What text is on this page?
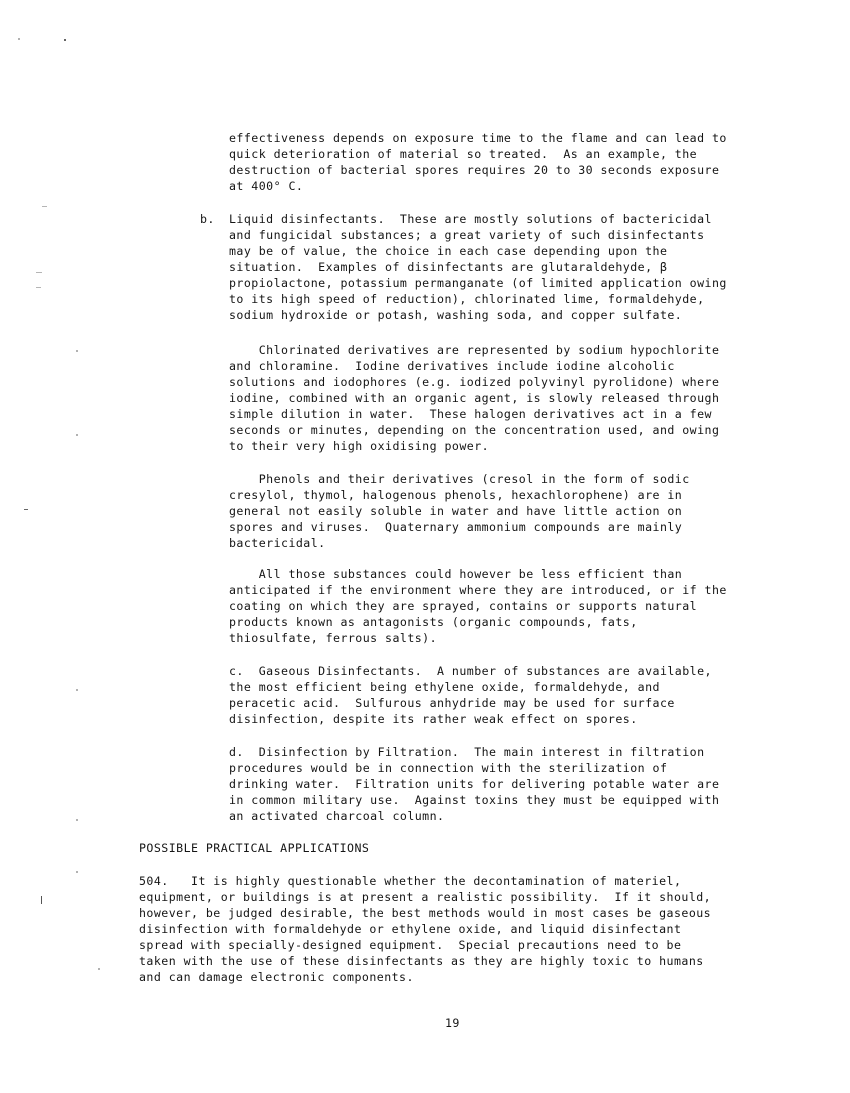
effectiveness depends on exposure time to the flame and can lead to
quick deterioration of material so treated.  As an example, the
destruction of bacterial spores requires 20 to 30 seconds exposure
at 400° C.
b. Liquid disinfectants.  These are mostly solutions of bactericidal
and fungicidal substances; a great variety of such disinfectants
may be of value, the choice in each case depending upon the
situation.  Examples of disinfectants are glutaraldehyde, β
propiolactone, potassium permanganate (of limited application owing
to its high speed of reduction), chlorinated lime, formaldehyde,
sodium hydroxide or potash, washing soda, and copper sulfate.
Chlorinated derivatives are represented by sodium hypochlorite
and chloramine.  Iodine derivatives include iodine alcoholic
solutions and iodophores (e.g. iodized polyvinyl pyrolidone) where
iodine, combined with an organic agent, is slowly released through
simple dilution in water.  These halogen derivatives act in a few
seconds or minutes, depending on the concentration used, and owing
to their very high oxidising power.
Phenols and their derivatives (cresol in the form of sodic
cresylol, thymol, halogenous phenols, hexachlorophene) are in
general not easily soluble in water and have little action on
spores and viruses.  Quaternary ammonium compounds are mainly
bactericidal.
All those substances could however be less efficient than
anticipated if the environment where they are introduced, or if the
coating on which they are sprayed, contains or supports natural
products known as antagonists (organic compounds, fats,
thiosulfate, ferrous salts).
c.  Gaseous Disinfectants.  A number of substances are available,
the most efficient being ethylene oxide, formaldehyde, and
peracetic acid.  Sulfurous anhydride may be used for surface
disinfection, despite its rather weak effect on spores.
d.  Disinfection by Filtration.  The main interest in filtration
procedures would be in connection with the sterilization of
drinking water.  Filtration units for delivering potable water are
in common military use.  Against toxins they must be equipped with
an activated charcoal column.
POSSIBLE PRACTICAL APPLICATIONS
504.   It is highly questionable whether the decontamination of materiel,
equipment, or buildings is at present a realistic possibility.  If it should,
however, be judged desirable, the best methods would in most cases be gaseous
disinfection with formaldehyde or ethylene oxide, and liquid disinfectant
spread with specially-designed equipment.  Special precautions need to be
taken with the use of these disinfectants as they are highly toxic to humans
and can damage electronic components.
19
